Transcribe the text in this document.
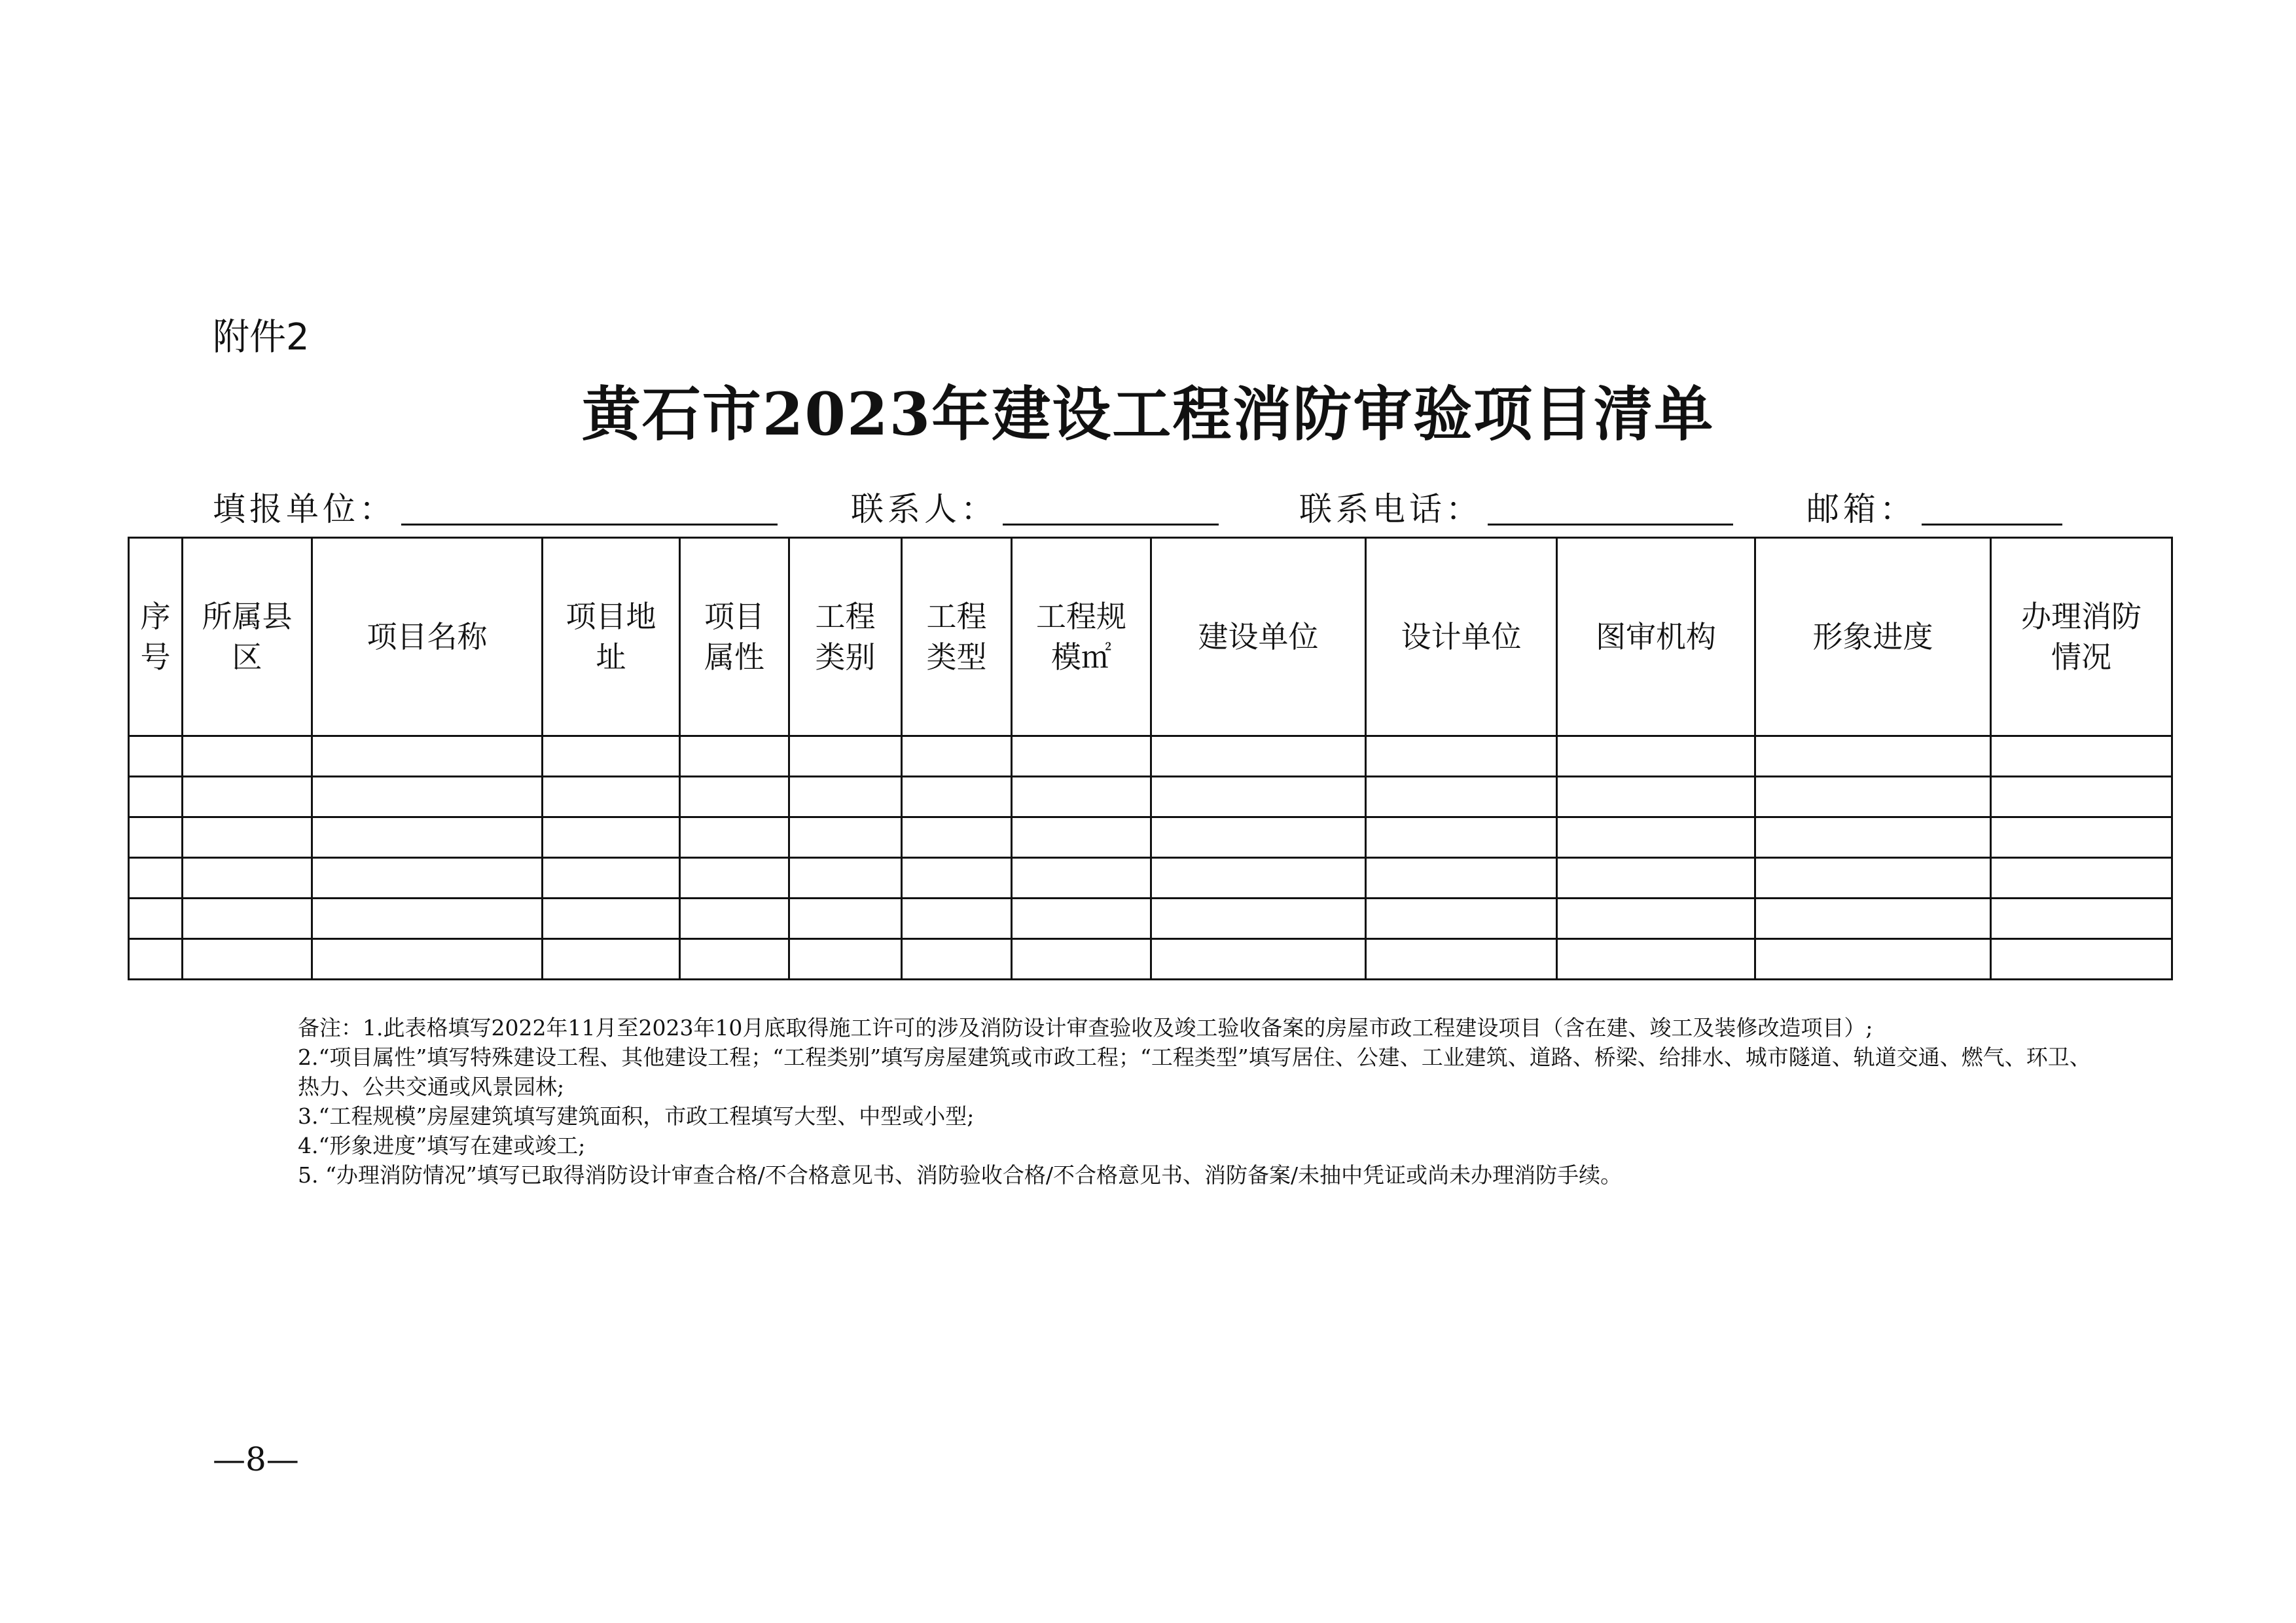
附件2
黄石市2023年建设工程消防审验项目清单
填报单位：	联系人：	联系电话：	邮箱：
序号	所属县区	项目名称	项目地址	项目属性	工程类别	工程类型	工程规模㎡	建设单位	设计单位	图审机构	形象进度	办理消防情况

备注：1.此表格填写2022年11月至2023年10月底取得施工许可的涉及消防设计审查验收及竣工验收备案的房屋市政工程建设项目（含在建、竣工及装修改造项目）;

2.“项目属性”填写特殊建设工程、其他建设工程；“工程类别”填写房屋建筑或市政工程；“工程类型”填写居住、公建、工业建筑、道路、桥梁、给排水、城市隧道、轨道交通、燃气、环卫、热力、公共交通或风景园林;

3.“工程规模”房屋建筑填写建筑面积，市政工程填写大型、中型或小型;

4.“形象进度”填写在建或竣工;

5. “办理消防情况”填写已取得消防设计审查合格/不合格意见书、消防验收合格/不合格意见书、消防备案/未抽中凭证或尚未办理消防手续。

—8—
